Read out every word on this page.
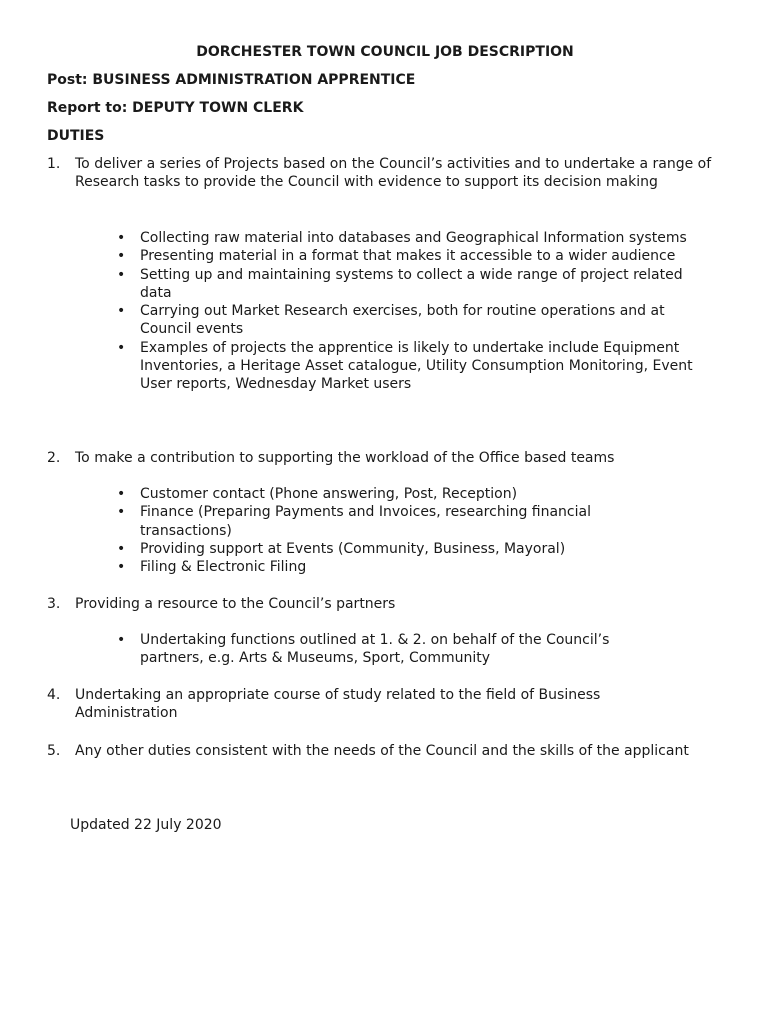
DORCHESTER TOWN COUNCIL JOB DESCRIPTION
Post: BUSINESS ADMINISTRATION APPRENTICE
Report to: DEPUTY TOWN CLERK
DUTIES
1. To deliver a series of Projects based on the Council’s activities and to undertake a range of Research tasks to provide the Council with evidence to support its decision making
• Collecting raw material into databases and Geographical Information systems
• Presenting material in a format that makes it accessible to a wider audience
• Setting up and maintaining systems to collect a wide range of project related data
• Carrying out Market Research exercises, both for routine operations and at Council events
• Examples of projects the apprentice is likely to undertake include Equipment Inventories, a Heritage Asset catalogue, Utility Consumption Monitoring, Event User reports, Wednesday Market users
2. To make a contribution to supporting the workload of the Office based teams
• Customer contact (Phone answering, Post, Reception)
• Finance (Preparing Payments and Invoices, researching financial transactions)
• Providing support at Events (Community, Business, Mayoral)
• Filing & Electronic Filing
3. Providing a resource to the Council’s partners
• Undertaking functions outlined at 1. & 2. on behalf of the Council’s partners, e.g. Arts & Museums, Sport, Community
4. Undertaking an appropriate course of study related to the field of Business Administration
5. Any other duties consistent with the needs of the Council and the skills of the applicant
Updated 22 July 2020
